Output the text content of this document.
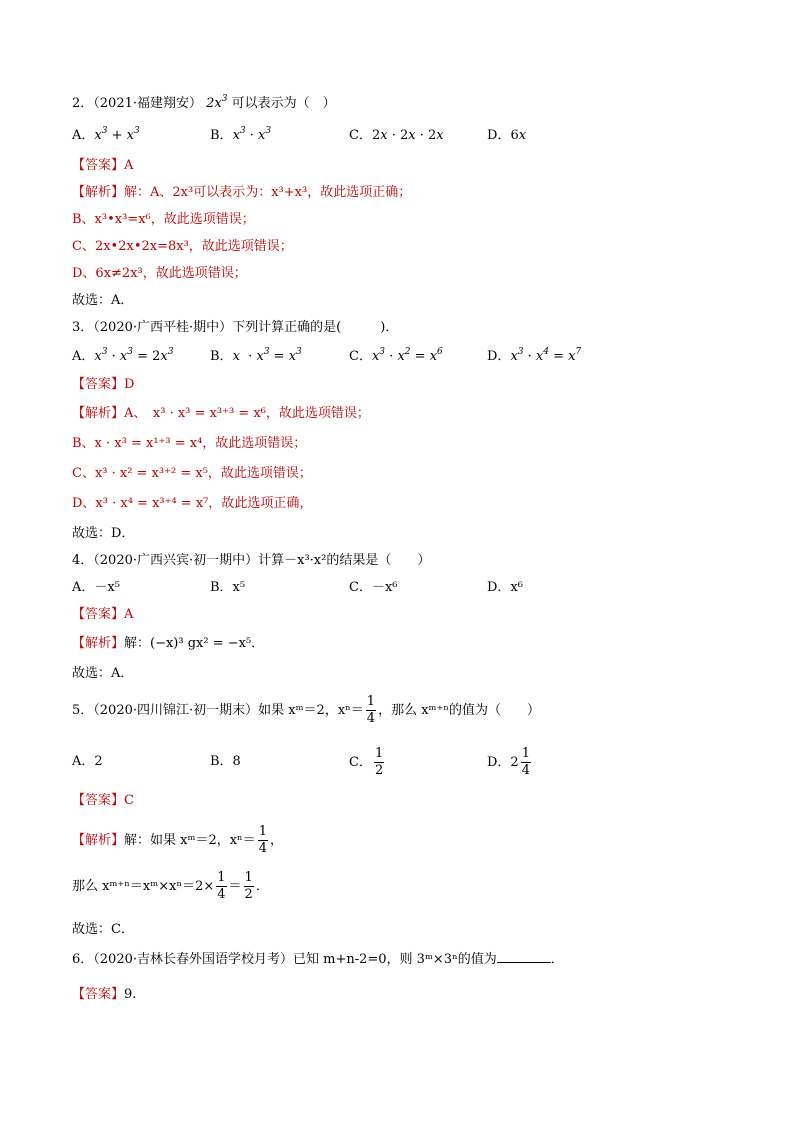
2．（2021·福建翔安） $2x^3$ 可以表示为（　）
A．$x^3 + x^3$	B．$x^3 \cdot x^3$	C．2x · 2x · 2x	D．6x
【答案】A
【解析】解：A、2x³可以表示为：x³+x³，故此选项正确；
B、x³•x³=x⁶，故此选项错误；
C、2x•2x•2x=8x³，故此选项错误；
D、6x≠2x³，故此选项错误；
故选：A．
3．（2020·广西平桂·期中）下列计算正确的是(　　　)．
A．$x^3 \cdot x^3 = 2x^3$	B．$x \cdot x^3 = x^3$	C．$x^3 \cdot x^2 = x^6$	D．$x^3 \cdot x^4 = x^7$
【答案】D
【解析】A、　x³ · x³ = x³⁺³ = x⁶，故此选项错误；
B、x · x³ = x¹⁺³ = x⁴，故此选项错误；
C、x³ · x² = x³⁺² = x⁵，故此选项错误；
D、x³ · x⁴ = x³⁺⁴ = x⁷，故此选项正确，
故选：D．
4．（2020·广西兴宾·初一期中）计算－x³·x²的结果是（　　）
A．－x⁵	B．x⁵	C．－x⁶	D．x⁶
【答案】A
【解析】解：(−x)³ gx² = −x⁵．
故选：A．
5．（2020·四川锦江·初一期末）如果 xᵐ＝2，$x^n= \frac{1}{4}$ ，那么 xᵐ⁺ⁿ的值为（　　）
A．2	B．8	C． $\frac{1}{2}$	D．$2 \frac{1}{4}$
【答案】C
【解析】解：如果 xᵐ＝2，$x^n= \frac{1}{4}$ ，
那么 xᵐ⁺ⁿ＝xᵐ×xⁿ＝2× $\frac{1}{4} = \frac{1}{2}$ ．
故选：C．
6．（2020·吉林长春外国语学校月考）已知 m+n-2=0，则 3ᵐ×3ⁿ的值为	．
【答案】9.
